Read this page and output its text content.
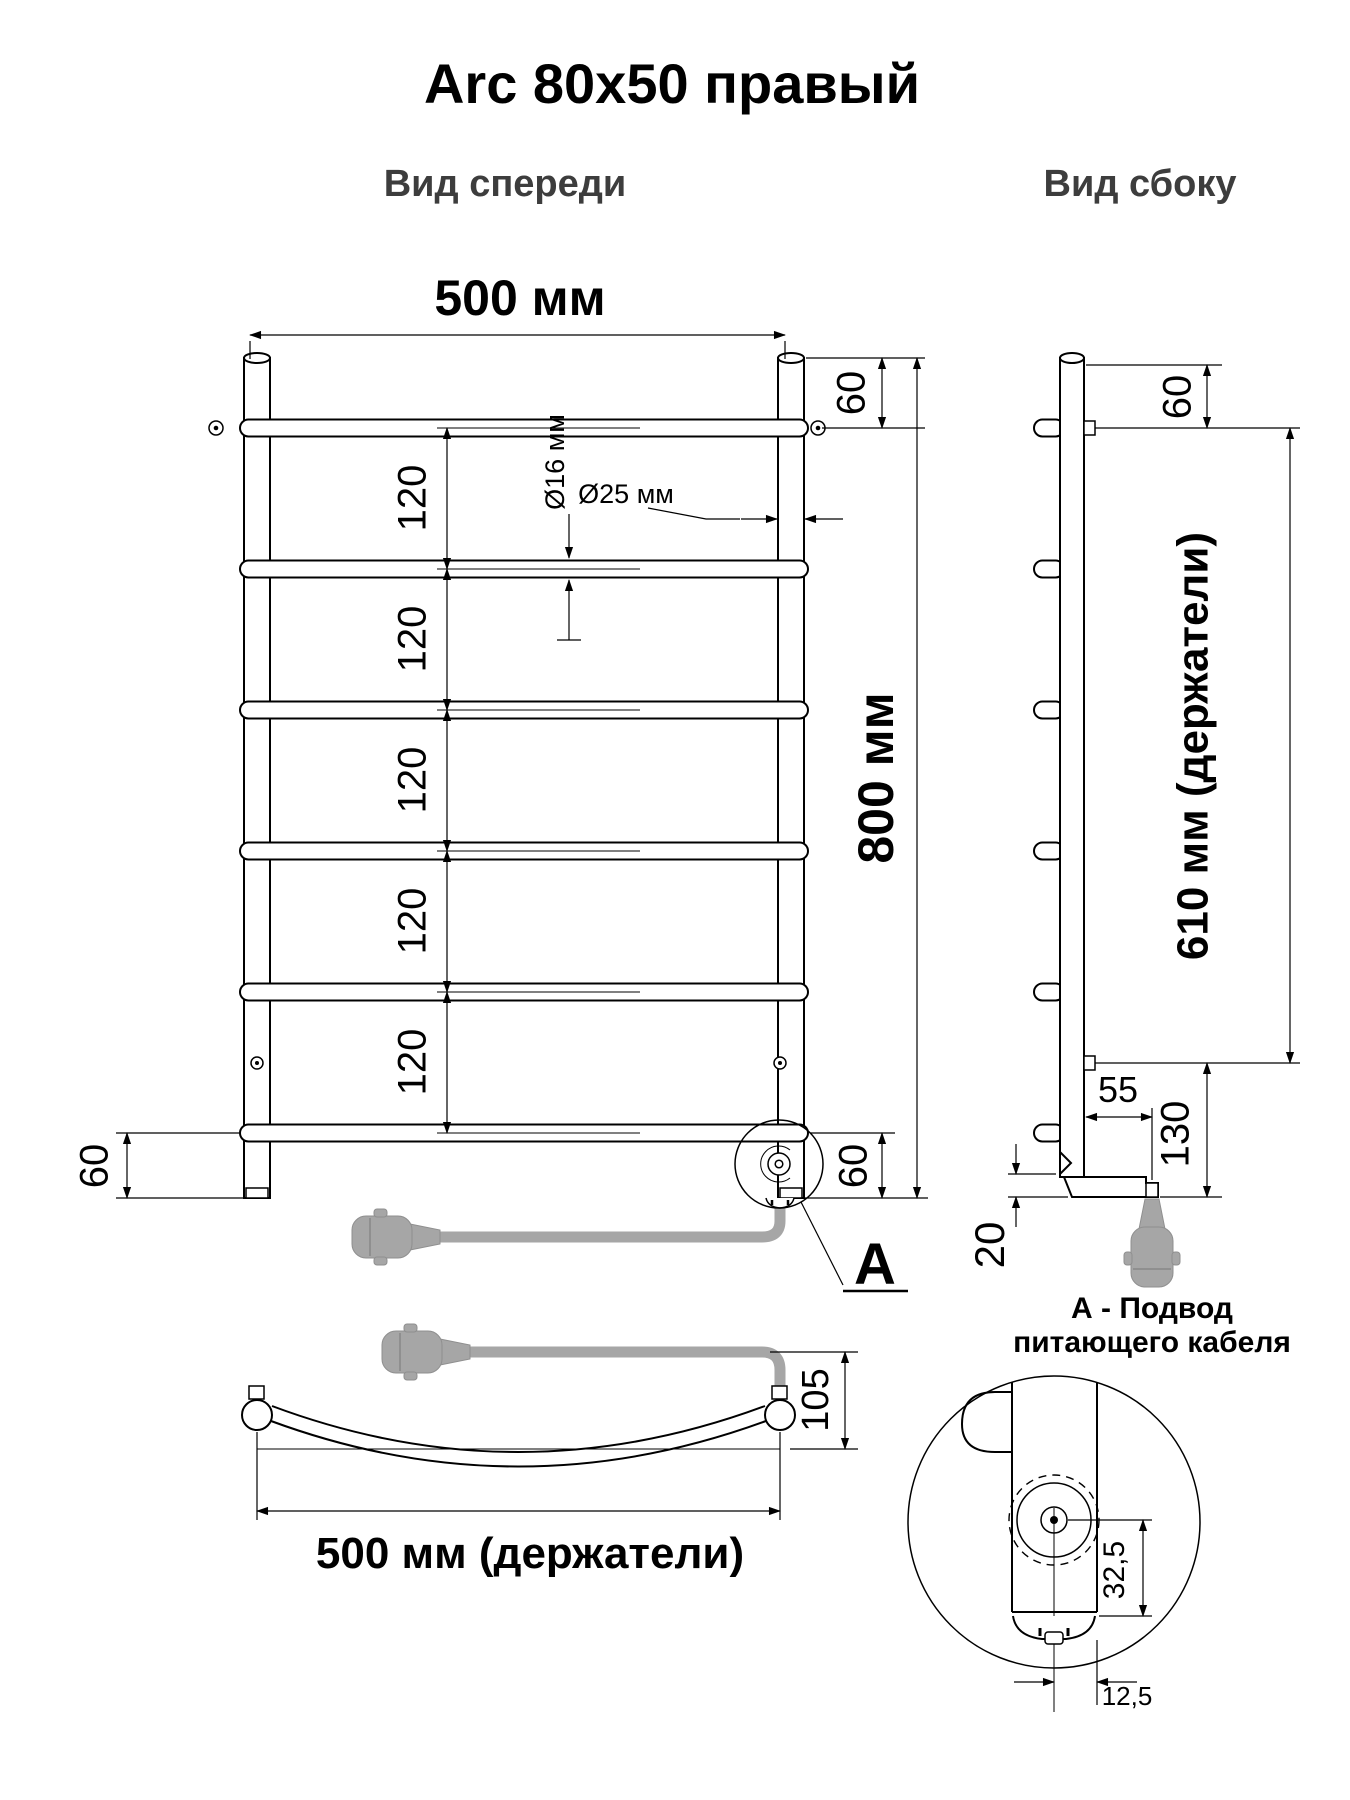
Arc 80x50 правый
Вид спереди	Вид сбоку
A
500 мм
60
800 мм
60
60
120
120
120
120
120
Ø16 мм Ø25 мм
60
610 мм (держатели)
55
130
20
500 мм (держатели)
105
А - Подвод
питающего кабеля
32,5
12,5
